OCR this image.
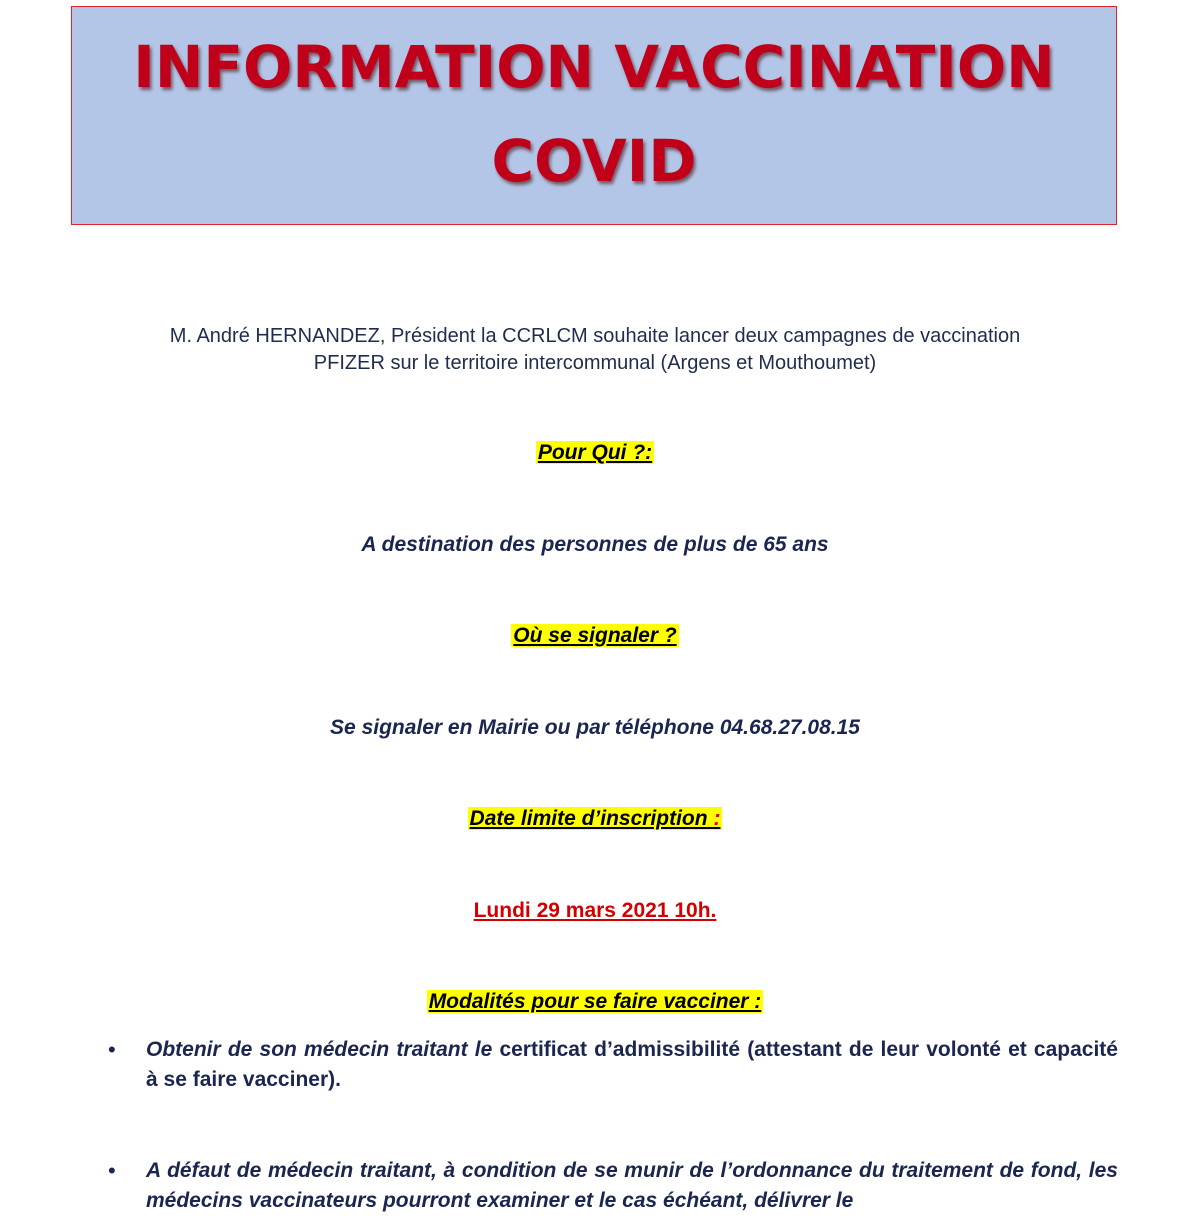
INFORMATION VACCINATION
COVID
M. André HERNANDEZ, Président la CCRLCM souhaite lancer deux campagnes de vaccination
PFIZER sur le territoire intercommunal (Argens et Mouthoumet)
Pour Qui ?:
A destination des personnes de plus de 65 ans
Où se signaler ?
Se signaler en Mairie ou par téléphone 04.68.27.08.15
Date limite d’inscription :
Lundi 29 mars 2021 10h.
Modalités pour se faire vacciner :
• Obtenir de son médecin traitant le certificat d’admissibilité (attestant de leur volonté et capacité à se faire vacciner).
• A défaut de médecin traitant, à condition de se munir de l’ordonnance du traitement de fond, les médecins vaccinateurs pourront examiner et le cas échéant, délivrer le
